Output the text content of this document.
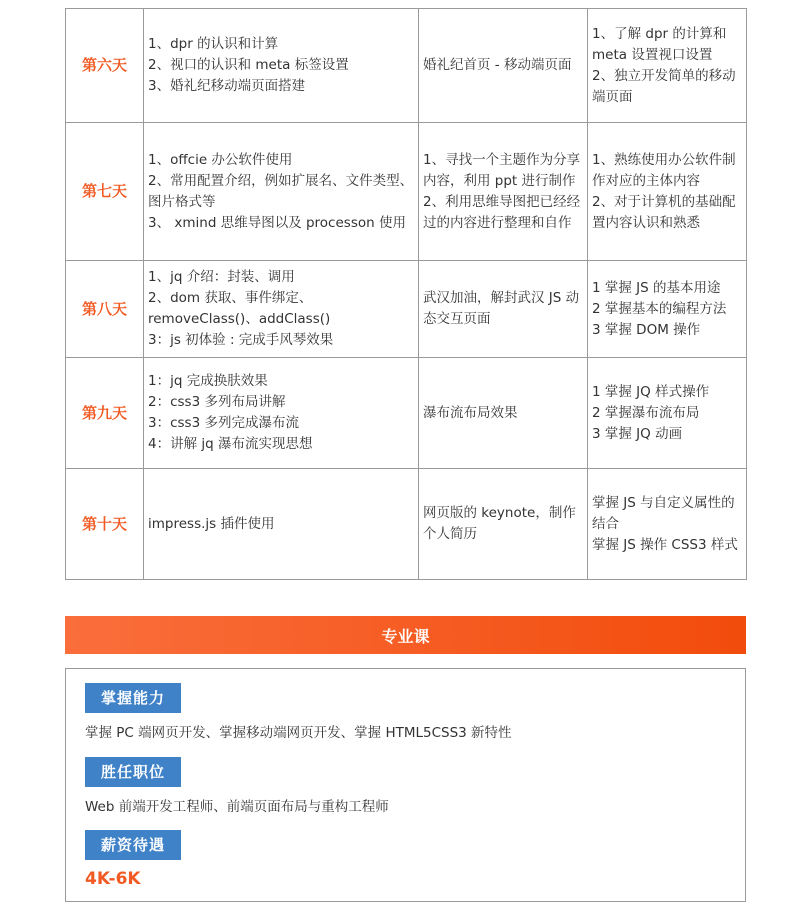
第六天	1、dpr 的认识和计算
2、视口的认识和 meta 标签设置
3、婚礼纪移动端页面搭建	婚礼纪首页 - 移动端页面	1、了解 dpr 的计算和meta 设置视口设置
2、独立开发简单的移动端页面

第七天	1、offcie 办公软件使用
2、常用配置介绍，例如扩展名、文件类型、图片格式等
3、 xmind 思维导图以及 processon 使用	1、寻找一个主题作为分享内容，利用 ppt 进行制作
2、利用思维导图把已经经过的内容进行整理和自作	1、熟练使用办公软件制作对应的主体内容
2、对于计算机的基础配置内容认识和熟悉

第八天	1、jq 介绍：封装、调用
2、dom 获取、事件绑定、removeClass()、addClass()
3：js 初体验 : 完成手风琴效果	武汉加油，解封武汉 JS 动态交互页面	1 掌握 JS 的基本用途
2 掌握基本的编程方法
3 掌握 DOM 操作

第九天	1：jq 完成换肤效果
2：css3 多列布局讲解
3：css3 多列完成瀑布流
4：讲解 jq 瀑布流实现思想	瀑布流布局效果	1 掌握 JQ 样式操作
2 掌握瀑布流布局
3 掌握 JQ 动画

第十天	impress.js 插件使用	网页版的 keynote，制作个人简历	掌握 JS 与自定义属性的结合
掌握 JS 操作 CSS3 样式
专业课
掌握能力
掌握 PC 端网页开发、掌握移动端网页开发、掌握 HTML5CSS3 新特性
胜任职位
Web 前端开发工程师、前端页面布局与重构工程师
薪资待遇
4K-6K
